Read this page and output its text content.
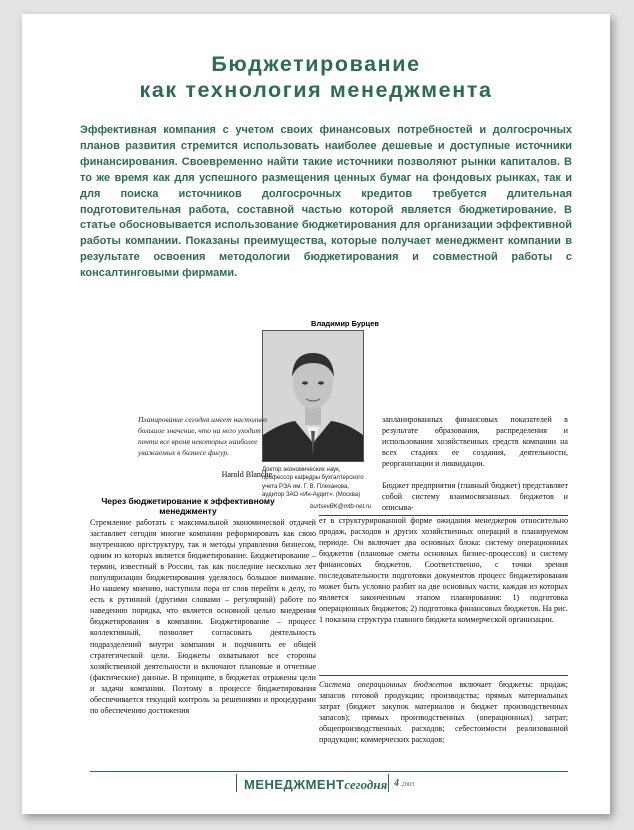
Бюджетирование
как технология менеджмента
Эффективная компания с учетом своих финансовых потребностей и долгосрочных планов развития стремится использовать наиболее дешевые и доступные источники финансирования. Своевременно найти такие источники позволяют рынки капиталов. В то же время как для успешного размещения ценных бумаг на фондовых рынках, так и для поиска источников долгосрочных кредитов требуется длительная подготовительная работа, составной частью которой является бюджетирование. В статье обосновывается использование бюджетирования для организации эффективной работы компании. Показаны преимущества, которые получает менеджмент компании в результате освоения методологии бюджетирования и совместной работы с консалтинговыми фирмами.
Владимир Бурцев
Доктор экономических наук, профессор кафедры бухгалтерского учета РЭА им. Г. В. Плеханова, аудитор ЗАО «Ин-Аудит». (Москва)
burtsevBK@mtb-net.ru
Планирование сегодня имеет настолько большое значение, что на него уходит почти все время некоторых наиболее уважаемых в бизнесе фигур.
Harold Blanche
Через бюджетирование к эффективному менеджменту

Стремление работать с максимальной экономической отдачей заставляет сегодня многие компании реформировать как свою внутреннюю оргструктуру, так и методы управления бизнесом, одним из которых является бюджетирование. Бюджетирование – термин, известный в России, так как последние несколько лет популяризации бюджетирования уделялось большое внимание. Но нашему мнению, наступила пора от слов перейти к делу, то есть к рутинной (другими словами – регулярной) работе по наведению порядка, что является основной целью внедрения бюджетирования в компании. Бюджетирование – процесс коллективный, позволяет согласовать деятельность подразделений внутри компании и подчинить ее общей стратегической цели. Бюджеты охватывают все стороны хозяйственной деятельности и включают плановые и отчетные (фактические) данные. В принципе, в бюджетах отражены цели и задачи компании. Поэтому в процессе бюджетирования обеспечивается текущий контроль за решениями и процедурами по обеспечению достижения

запланированных финансовых показателей в результате образования, распределения и использования хозяйственных средств компании на всех стадиях ее создания, деятельности, реорганизации и ликвидации.

Бюджет предприятия (главный бюджет) представляет собой систему взаимосвязанных бюджетов и описыва-

ет в структурированной форме ожидания менеджеров относительно продаж, расходов и других хозяйственных операций в планируемом периоде. Он включает два основных блока: систему операционных бюджетов (плановые сметы основных бизнес-процессов) и систему финансовых бюджетов. Соответственно, с точки зрения последовательности подготовки документов процесс бюджетирования может быть условно разбит на две основных части, каждая из которых является законченным этапом планирования: 1) подготовка операционных бюджетов; 2) подготовка финансовых бюджетов. На рис. 1 показана структура главного бюджета коммерческой организации.

Система операционных бюджетов включает бюджеты: продаж; запасов готовой продукции; производства; прямых материальных затрат (бюджет закупок материалов и бюджет производственных запасов); прямых производственных (операционных) затрат; общепроизводственных расходов; себестоимости реализованной продукции; коммерческих расходов;

МЕНЕДЖМЕНТсегодня 4 2003
